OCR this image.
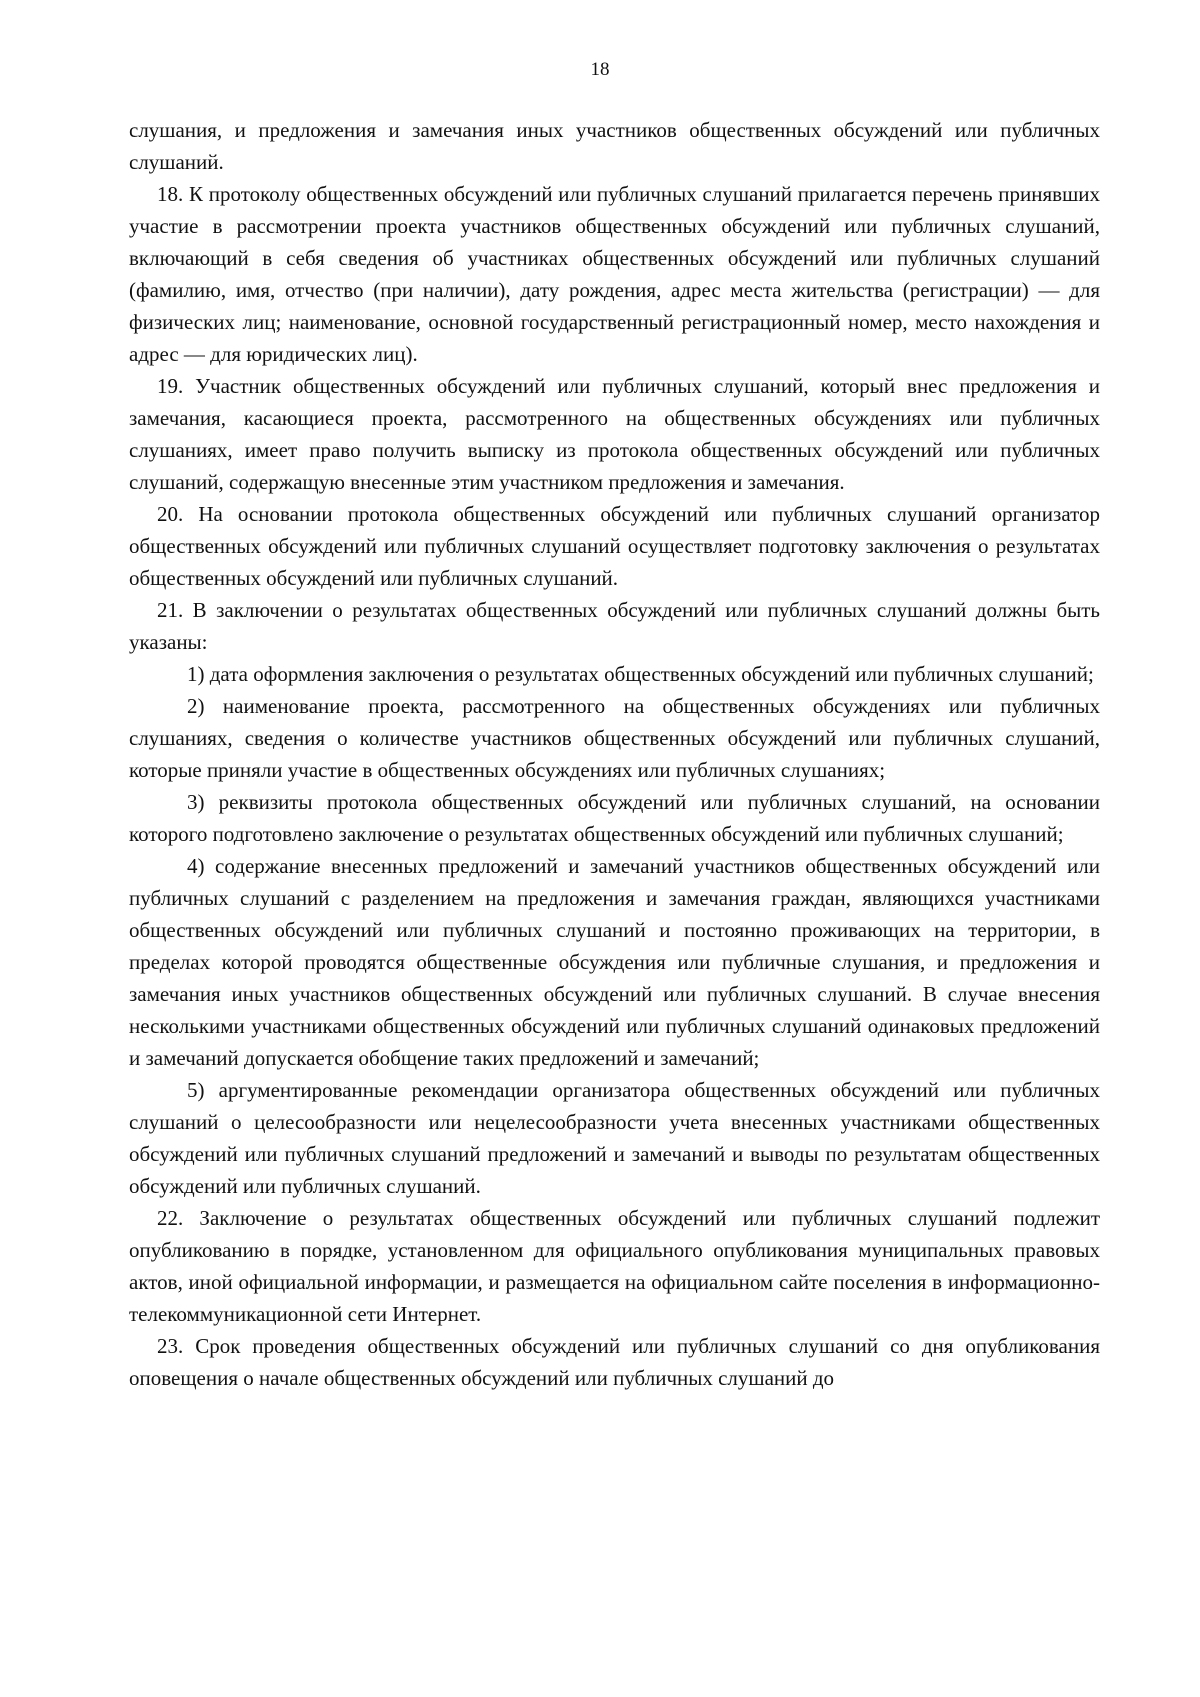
18

слушания, и предложения и замечания иных участников общественных обсуждений или публичных слушаний.

18. К протоколу общественных обсуждений или публичных слушаний прилагается перечень принявших участие в рассмотрении проекта участников общественных обсуждений или публичных слушаний, включающий в себя сведения об участниках общественных обсуждений или публичных слушаний (фамилию, имя, отчество (при наличии), дату рождения, адрес места жительства (регистрации) — для физических лиц; наименование, основной государственный регистрационный номер, место нахождения и адрес — для юридических лиц).

19. Участник общественных обсуждений или публичных слушаний, который внес предложения и замечания, касающиеся проекта, рассмотренного на общественных обсуждениях или публичных слушаниях, имеет право получить выписку из протокола общественных обсуждений или публичных слушаний, содержащую внесенные этим участником предложения и замечания.

20. На основании протокола общественных обсуждений или публичных слушаний организатор общественных обсуждений или публичных слушаний осуществляет подготовку заключения о результатах общественных обсуждений или публичных слушаний.

21. В заключении о результатах общественных обсуждений или публичных слушаний должны быть указаны:

1) дата оформления заключения о результатах общественных обсуждений или публичных слушаний;

2) наименование проекта, рассмотренного на общественных обсуждениях или публичных слушаниях, сведения о количестве участников общественных обсуждений или публичных слушаний, которые приняли участие в общественных обсуждениях или публичных слушаниях;

3) реквизиты протокола общественных обсуждений или публичных слушаний, на основании которого подготовлено заключение о результатах общественных обсуждений или публичных слушаний;

4) содержание внесенных предложений и замечаний участников общественных обсуждений или публичных слушаний с разделением на предложения и замечания граждан, являющихся участниками общественных обсуждений или публичных слушаний и постоянно проживающих на территории, в пределах которой проводятся общественные обсуждения или публичные слушания, и предложения и замечания иных участников общественных обсуждений или публичных слушаний. В случае внесения несколькими участниками общественных обсуждений или публичных слушаний одинаковых предложений и замечаний допускается обобщение таких предложений и замечаний;

5) аргументированные рекомендации организатора общественных обсуждений или публичных слушаний о целесообразности или нецелесообразности учета внесенных участниками общественных обсуждений или публичных слушаний предложений и замечаний и выводы по результатам общественных обсуждений или публичных слушаний.

22. Заключение о результатах общественных обсуждений или публичных слушаний подлежит опубликованию в порядке, установленном для официального опубликования муниципальных правовых актов, иной официальной информации, и размещается на официальном сайте поселения в информационно-телекоммуникационной сети Интернет.

23. Срок проведения общественных обсуждений или публичных слушаний со дня опубликования оповещения о начале общественных обсуждений или публичных слушаний до
